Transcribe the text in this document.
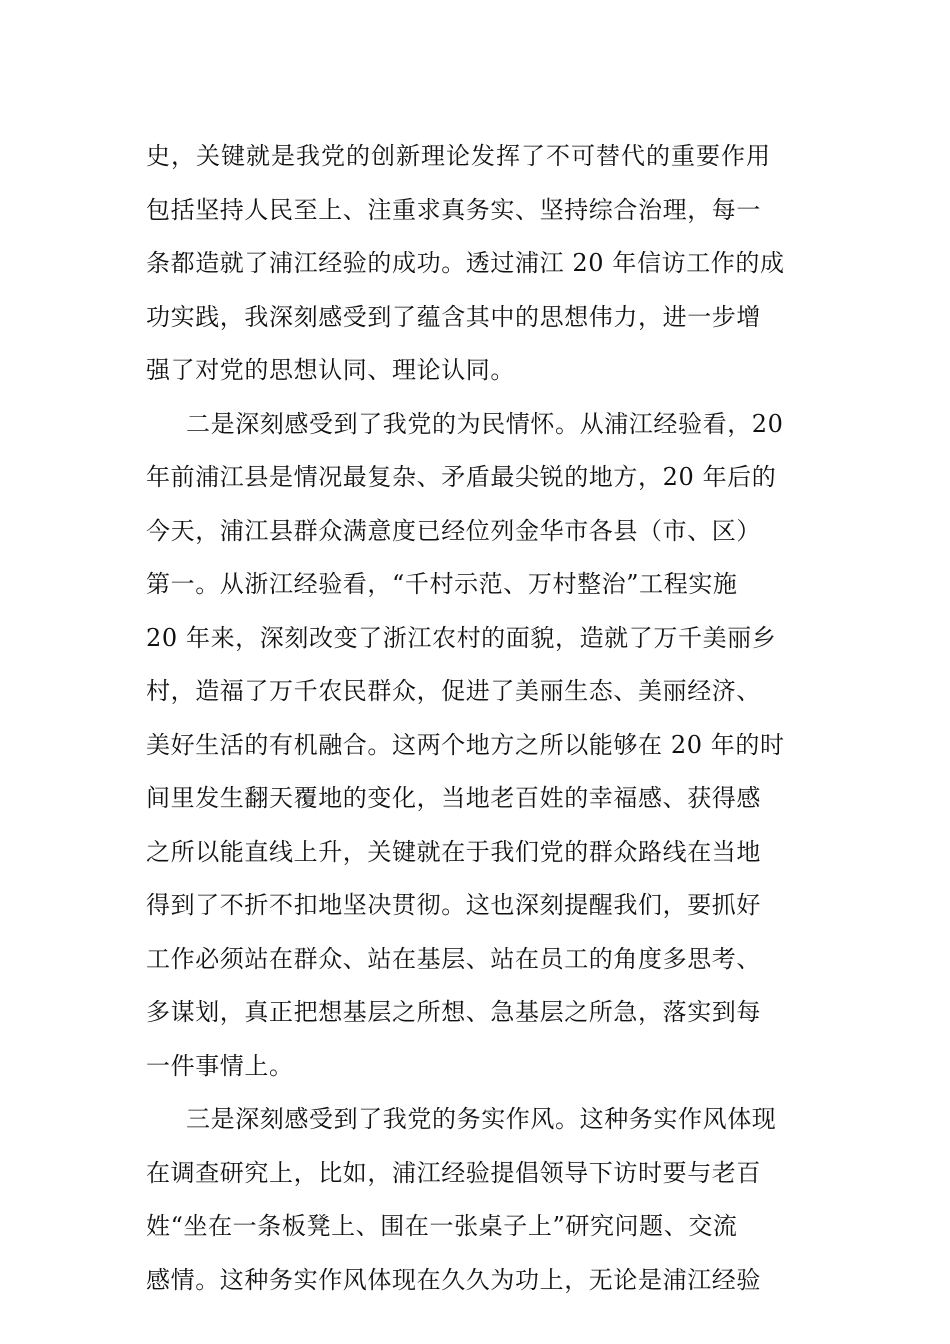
史，关键就是我党的创新理论发挥了不可替代的重要作用
包括坚持人民至上、注重求真务实、坚持综合治理，每一
条都造就了浦江经验的成功。透过浦江 20 年信访工作的成
功实践，我深刻感受到了蕴含其中的思想伟力，进一步增
强了对党的思想认同、理论认同。
二是深刻感受到了我党的为民情怀。从浦江经验看，20
年前浦江县是情况最复杂、矛盾最尖锐的地方，20 年后的
今天，浦江县群众满意度已经位列金华市各县（市、区）
第一。从浙江经验看，“千村示范、万村整治”工程实施
20 年来，深刻改变了浙江农村的面貌，造就了万千美丽乡
村，造福了万千农民群众，促进了美丽生态、美丽经济、
美好生活的有机融合。这两个地方之所以能够在 20 年的时
间里发生翻天覆地的变化，当地老百姓的幸福感、获得感
之所以能直线上升，关键就在于我们党的群众路线在当地
得到了不折不扣地坚决贯彻。这也深刻提醒我们，要抓好
工作必须站在群众、站在基层、站在员工的角度多思考、
多谋划，真正把想基层之所想、急基层之所急，落实到每
一件事情上。
三是深刻感受到了我党的务实作风。这种务实作风体现
在调查研究上，比如，浦江经验提倡领导下访时要与老百
姓“坐在一条板凳上、围在一张桌子上”研究问题、交流
感情。这种务实作风体现在久久为功上，无论是浦江经验
